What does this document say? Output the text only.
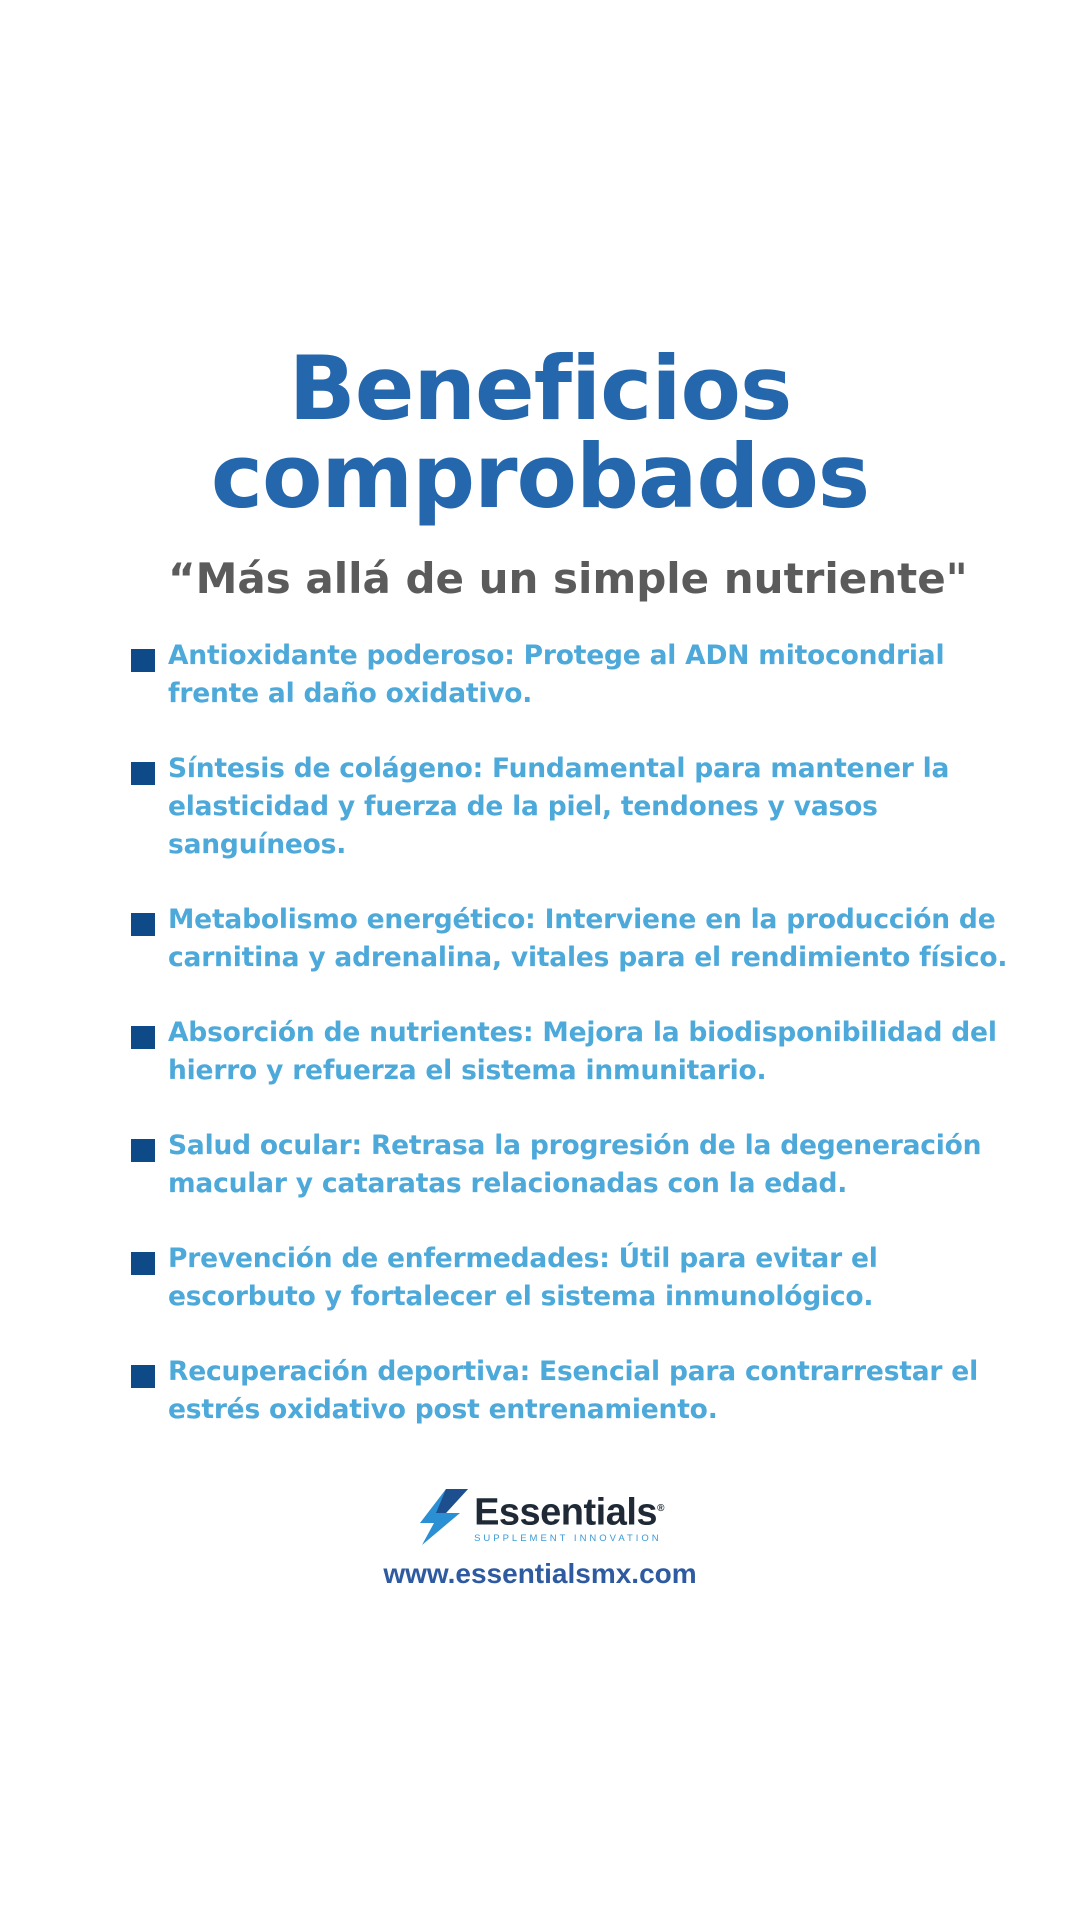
Beneficios
comprobados

“Más allá de un simple nutriente"

Antioxidante poderoso: Protege al ADN mitocondrial frente al daño oxidativo.
Síntesis de colágeno: Fundamental para mantener la elasticidad y fuerza de la piel, tendones y vasos sanguíneos.
Metabolismo energético: Interviene en la producción de carnitina y adrenalina, vitales para el rendimiento físico.
Absorción de nutrientes: Mejora la biodisponibilidad del hierro y refuerza el sistema inmunitario.
Salud ocular: Retrasa la progresión de la degeneración macular y cataratas relacionadas con la edad.
Prevención de enfermedades: Útil para evitar el escorbuto y fortalecer el sistema inmunológico.
Recuperación deportiva: Esencial para contrarrestar el estrés oxidativo post entrenamiento.
Essentials®
SUPPLEMENT INNOVATION
www.essentialsmx.com
